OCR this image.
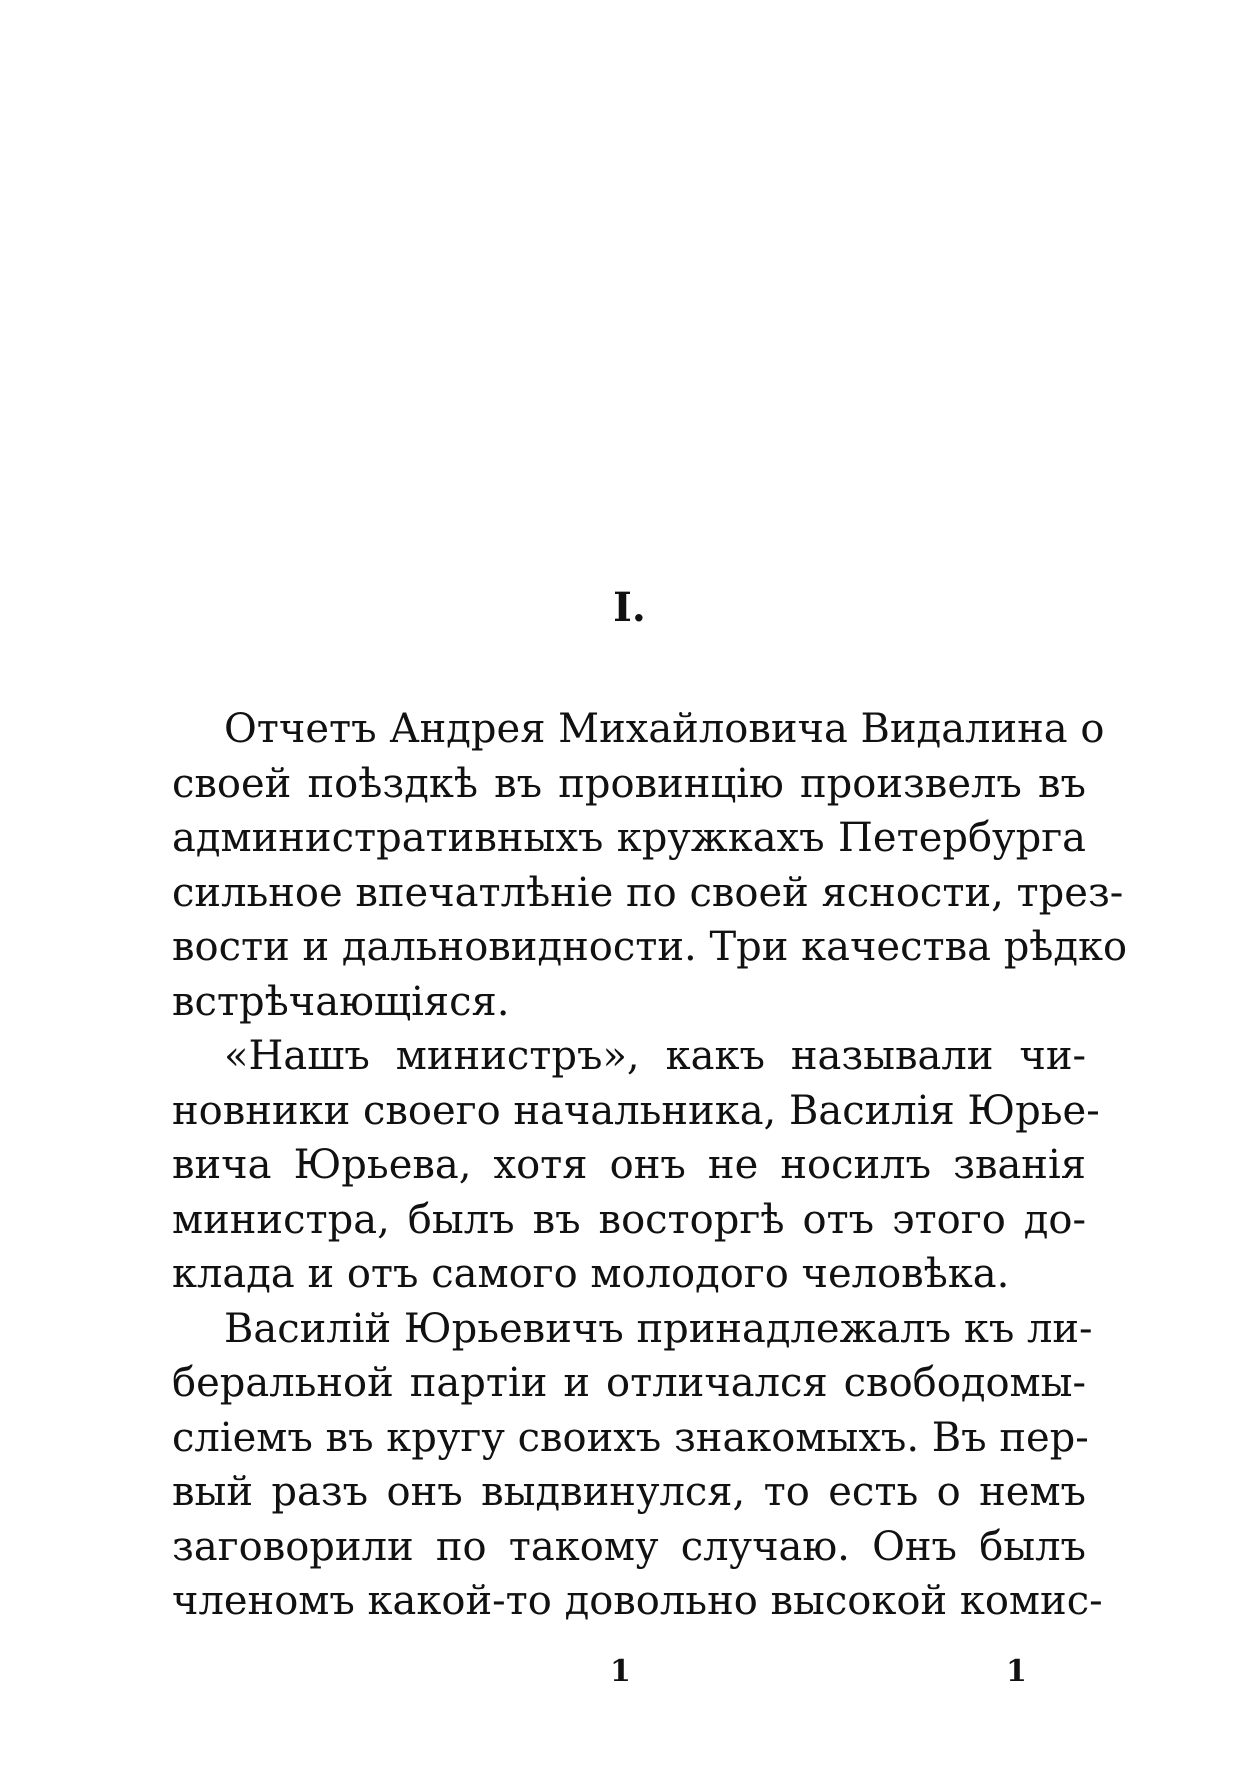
I.

Отчетъ Андрея Михайловича Видалина о
своей поѣздкѣ въ провинцію произвелъ въ
административныхъ кружкахъ Петербурга
сильное впечатлѣніе по своей ясности, трез-
вости и дальновидности. Три качества рѣдко
встрѣчающіяся.

«Нашъ министръ», какъ называли чи-
новники своего начальника, Василія Юрье-
вича Юрьева, хотя онъ не носилъ званія
министра, былъ въ восторгѣ отъ этого до-
клада и отъ самого молодого человѣка.

Василій Юрьевичъ принадлежалъ къ ли-
беральной партіи и отличался свободомы-
сліемъ въ кругу своихъ знакомыхъ. Въ пер-
вый разъ онъ выдвинулся, то есть о немъ
заговорили по такому случаю. Онъ былъ
членомъ какой-то довольно высокой комис-

1	1
